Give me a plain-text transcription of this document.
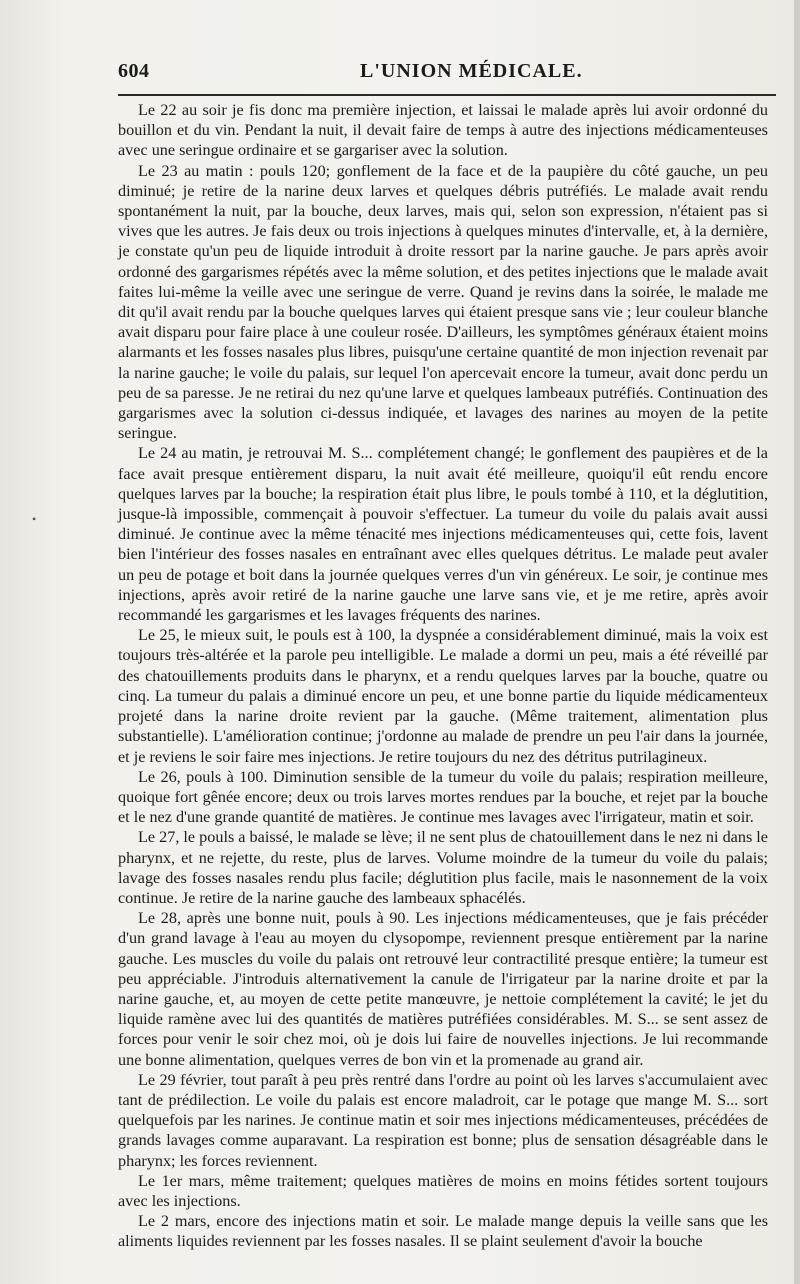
604	L'UNION MÉDICALE.
•

Le 22 au soir je fis donc ma première injection, et laissai le malade après lui avoir ordonné du bouillon et du vin. Pendant la nuit, il devait faire de temps à autre des injections médicamenteuses avec une seringue ordinaire et se gargariser avec la solution.

Le 23 au matin : pouls 120; gonflement de la face et de la paupière du côté gauche, un peu diminué; je retire de la narine deux larves et quelques débris putréfiés. Le malade avait rendu spontanément la nuit, par la bouche, deux larves, mais qui, selon son expression, n'étaient pas si vives que les autres. Je fais deux ou trois injections à quelques minutes d'intervalle, et, à la dernière, je constate qu'un peu de liquide introduit à droite ressort par la narine gauche. Je pars après avoir ordonné des gargarismes répétés avec la même solution, et des petites injections que le malade avait faites lui-même la veille avec une seringue de verre. Quand je revins dans la soirée, le malade me dit qu'il avait rendu par la bouche quelques larves qui étaient presque sans vie ; leur couleur blanche avait disparu pour faire place à une couleur rosée. D'ailleurs, les symptômes généraux étaient moins alarmants et les fosses nasales plus libres, puisqu'une certaine quantité de mon injection revenait par la narine gauche; le voile du palais, sur lequel l'on apercevait encore la tumeur, avait donc perdu un peu de sa paresse. Je ne retirai du nez qu'une larve et quelques lambeaux putréfiés. Continuation des gargarismes avec la solution ci-dessus indiquée, et lavages des narines au moyen de la petite seringue.

Le 24 au matin, je retrouvai M. S... complétement changé; le gonflement des paupières et de la face avait presque entièrement disparu, la nuit avait été meilleure, quoiqu'il eût rendu encore quelques larves par la bouche; la respiration était plus libre, le pouls tombé à 110, et la déglutition, jusque-là impossible, commençait à pouvoir s'effectuer. La tumeur du voile du palais avait aussi diminué. Je continue avec la même ténacité mes injections médicamenteuses qui, cette fois, lavent bien l'intérieur des fosses nasales en entraînant avec elles quelques détritus. Le malade peut avaler un peu de potage et boit dans la journée quelques verres d'un vin généreux. Le soir, je continue mes injections, après avoir retiré de la narine gauche une larve sans vie, et je me retire, après avoir recommandé les gargarismes et les lavages fréquents des narines.

Le 25, le mieux suit, le pouls est à 100, la dyspnée a considérablement diminué, mais la voix est toujours très-altérée et la parole peu intelligible. Le malade a dormi un peu, mais a été réveillé par des chatouillements produits dans le pharynx, et a rendu quelques larves par la bouche, quatre ou cinq. La tumeur du palais a diminué encore un peu, et une bonne partie du liquide médicamenteux projeté dans la narine droite revient par la gauche. (Même traitement, alimentation plus substantielle). L'amélioration continue; j'ordonne au malade de prendre un peu l'air dans la journée, et je reviens le soir faire mes injections. Je retire toujours du nez des détritus putrilagineux.

Le 26, pouls à 100. Diminution sensible de la tumeur du voile du palais; respiration meilleure, quoique fort gênée encore; deux ou trois larves mortes rendues par la bouche, et rejet par la bouche et le nez d'une grande quantité de matières. Je continue mes lavages avec l'irrigateur, matin et soir.

Le 27, le pouls a baissé, le malade se lève; il ne sent plus de chatouillement dans le nez ni dans le pharynx, et ne rejette, du reste, plus de larves. Volume moindre de la tumeur du voile du palais; lavage des fosses nasales rendu plus facile; déglutition plus facile, mais le nasonnement de la voix continue. Je retire de la narine gauche des lambeaux sphacélés.

Le 28, après une bonne nuit, pouls à 90. Les injections médicamenteuses, que je fais précéder d'un grand lavage à l'eau au moyen du clysopompe, reviennent presque entièrement par la narine gauche. Les muscles du voile du palais ont retrouvé leur contractilité presque entière; la tumeur est peu appréciable. J'introduis alternativement la canule de l'irrigateur par la narine droite et par la narine gauche, et, au moyen de cette petite manœuvre, je nettoie complétement la cavité; le jet du liquide ramène avec lui des quantités de matières putréfiées considérables. M. S... se sent assez de forces pour venir le soir chez moi, où je dois lui faire de nouvelles injections. Je lui recommande une bonne alimentation, quelques verres de bon vin et la promenade au grand air.

Le 29 février, tout paraît à peu près rentré dans l'ordre au point où les larves s'accumulaient avec tant de prédilection. Le voile du palais est encore maladroit, car le potage que mange M. S... sort quelquefois par les narines. Je continue matin et soir mes injections médicamenteuses, précédées de grands lavages comme auparavant. La respiration est bonne; plus de sensation désagréable dans le pharynx; les forces reviennent.

Le 1er mars, même traitement; quelques matières de moins en moins fétides sortent toujours avec les injections.

Le 2 mars, encore des injections matin et soir. Le malade mange depuis la veille sans que les aliments liquides reviennent par les fosses nasales. Il se plaint seulement d'avoir la bouche
